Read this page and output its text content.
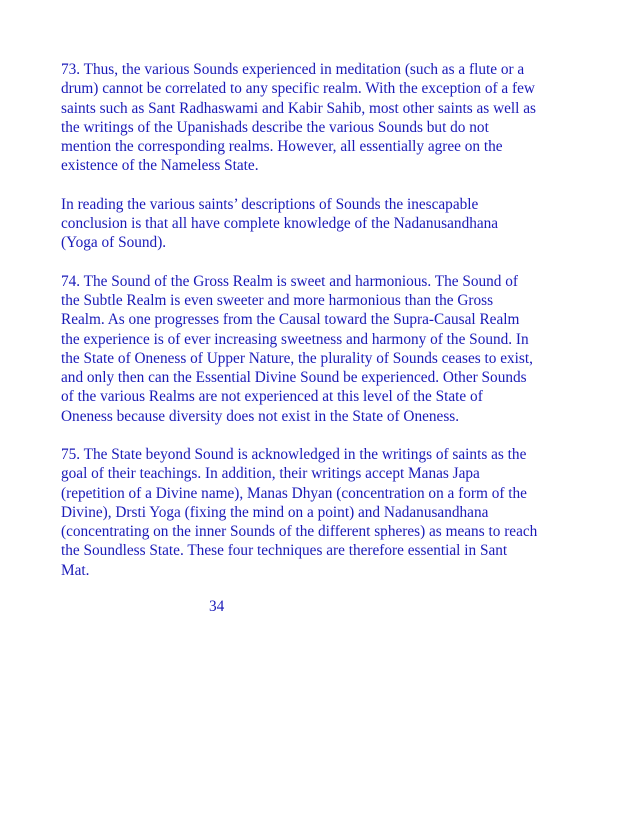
73. Thus, the various Sounds experienced in meditation (such as a flute or a
drum) cannot be correlated to any specific realm. With the exception of a few
saints such as Sant Radhaswami and Kabir Sahib, most other saints as well as
the writings of the Upanishads describe the various Sounds but do not
mention the corresponding realms. However, all essentially agree on the
existence of the Nameless State.
In reading the various saints’ descriptions of Sounds the inescapable
conclusion is that all have complete knowledge of the Nadanusandhana
(Yoga of Sound).
74. The Sound of the Gross Realm is sweet and harmonious. The Sound of
the Subtle Realm is even sweeter and more harmonious than the Gross
Realm. As one progresses from the Causal toward the Supra-Causal Realm
the experience is of ever increasing sweetness and harmony of the Sound. In
the State of Oneness of Upper Nature, the plurality of Sounds ceases to exist,
and only then can the Essential Divine Sound be experienced. Other Sounds
of the various Realms are not experienced at this level of the State of
Oneness because diversity does not exist in the State of Oneness.
75. The State beyond Sound is acknowledged in the writings of saints as the
goal of their teachings. In addition, their writings accept Manas Japa
(repetition of a Divine name), Manas Dhyan (concentration on a form of the
Divine), Drsti Yoga (fixing the mind on a point) and Nadanusandhana
(concentrating on the inner Sounds of the different spheres) as means to reach
the Soundless State. These four techniques are therefore essential in Sant
Mat.
34
